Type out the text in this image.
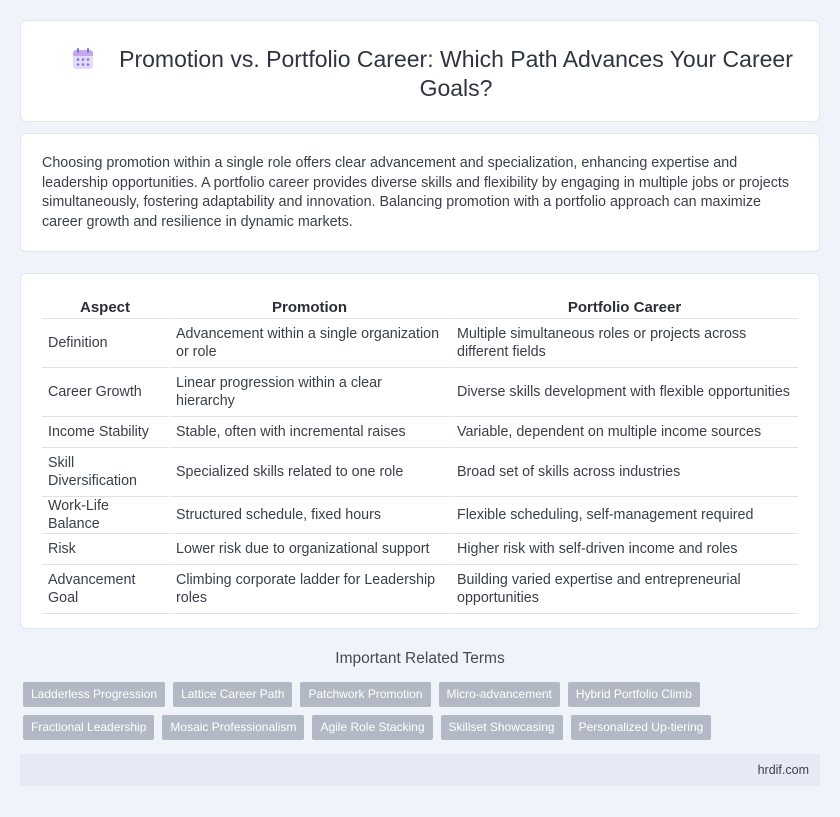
Promotion vs. Portfolio Career: Which Path Advances Your Career Goals?

Choosing promotion within a single role offers clear advancement and specialization, enhancing expertise and leadership opportunities. A portfolio career provides diverse skills and flexibility by engaging in multiple jobs or projects simultaneously, fostering adaptability and innovation. Balancing promotion with a portfolio approach can maximize career growth and resilience in dynamic markets.

Aspect	Promotion	Portfolio Career
Definition	Advancement within a single organization or role	Multiple simultaneous roles or projects across different fields
Career Growth	Linear progression within a clear hierarchy	Diverse skills development with flexible opportunities
Income Stability	Stable, often with incremental raises	Variable, dependent on multiple income sources
Skill Diversification	Specialized skills related to one role	Broad set of skills across industries
Work-Life Balance	Structured schedule, fixed hours	Flexible scheduling, self-management required
Risk	Lower risk due to organizational support	Higher risk with self-driven income and roles
Advancement Goal	Climbing corporate ladder for Leadership roles	Building varied expertise and entrepreneurial opportunities
Important Related Terms
Ladderless Progression	Lattice Career Path	Patchwork Promotion	Micro-advancement	Hybrid Portfolio Climb
Fractional Leadership	Mosaic Professionalism	Agile Role Stacking	Skillset Showcasing	Personalized Up-tiering
hrdif.com
